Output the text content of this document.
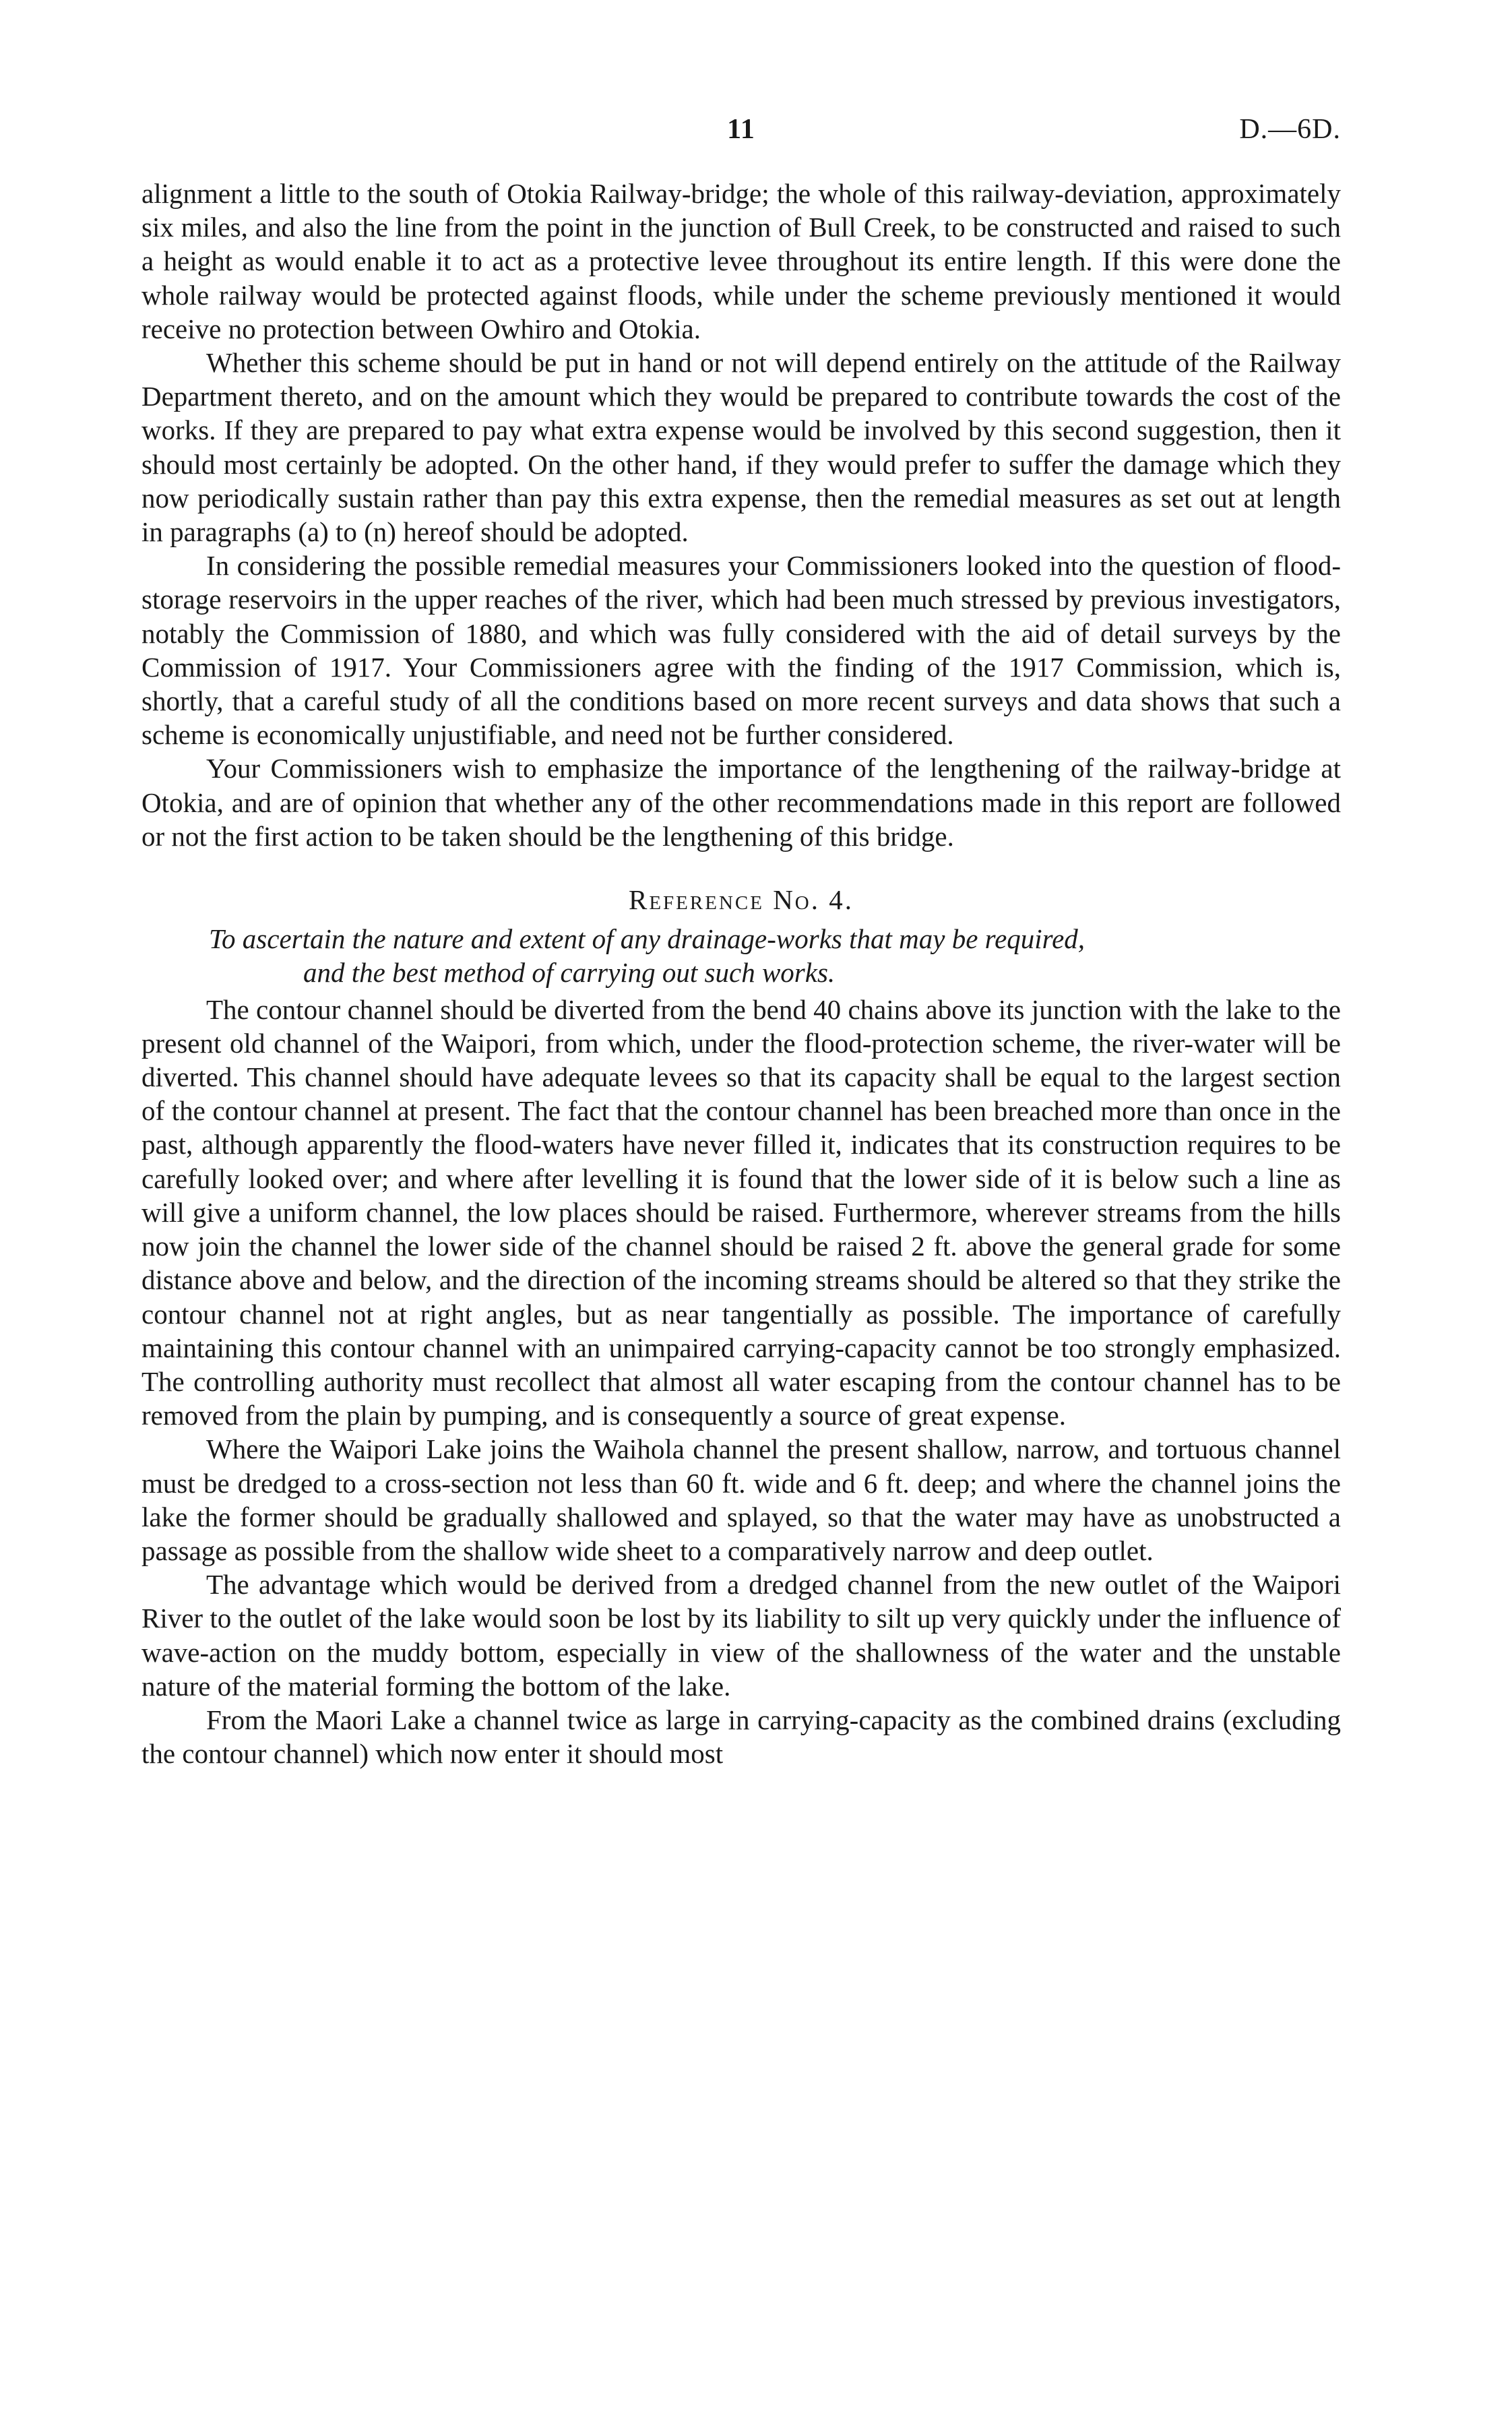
11	D.—6D.

alignment a little to the south of Otokia Railway-bridge; the whole of this railway-deviation, approximately six miles, and also the line from the point in the junction of Bull Creek, to be constructed and raised to such a height as would enable it to act as a protective levee throughout its entire length. If this were done the whole railway would be protected against floods, while under the scheme previously mentioned it would receive no protection between Owhiro and Otokia.

Whether this scheme should be put in hand or not will depend entirely on the attitude of the Railway Department thereto, and on the amount which they would be prepared to contribute towards the cost of the works. If they are prepared to pay what extra expense would be involved by this second suggestion, then it should most certainly be adopted. On the other hand, if they would prefer to suffer the damage which they now periodically sustain rather than pay this extra expense, then the remedial measures as set out at length in paragraphs (a) to (n) hereof should be adopted.

In considering the possible remedial measures your Commissioners looked into the question of flood-storage reservoirs in the upper reaches of the river, which had been much stressed by previous investigators, notably the Commission of 1880, and which was fully considered with the aid of detail surveys by the Commission of 1917. Your Commissioners agree with the finding of the 1917 Commission, which is, shortly, that a careful study of all the conditions based on more recent surveys and data shows that such a scheme is economically unjustifiable, and need not be further considered.

Your Commissioners wish to emphasize the importance of the lengthening of the railway-bridge at Otokia, and are of opinion that whether any of the other recommendations made in this report are followed or not the first action to be taken should be the lengthening of this bridge.

Reference No. 4.

To ascertain the nature and extent of any drainage-works that may be required,
and the best method of carrying out such works.

The contour channel should be diverted from the bend 40 chains above its junction with the lake to the present old channel of the Waipori, from which, under the flood-protection scheme, the river-water will be diverted. This channel should have adequate levees so that its capacity shall be equal to the largest section of the contour channel at present. The fact that the contour channel has been breached more than once in the past, although apparently the flood-waters have never filled it, indicates that its construction requires to be carefully looked over; and where after levelling it is found that the lower side of it is below such a line as will give a uniform channel, the low places should be raised. Furthermore, wherever streams from the hills now join the channel the lower side of the channel should be raised 2 ft. above the general grade for some distance above and below, and the direction of the incoming streams should be altered so that they strike the contour channel not at right angles, but as near tangentially as possible. The importance of carefully maintaining this contour channel with an unimpaired carrying-capacity cannot be too strongly emphasized. The controlling authority must recollect that almost all water escaping from the contour channel has to be removed from the plain by pumping, and is consequently a source of great expense.

Where the Waipori Lake joins the Waihola channel the present shallow, narrow, and tortuous channel must be dredged to a cross-section not less than 60 ft. wide and 6 ft. deep; and where the channel joins the lake the former should be gradually shallowed and splayed, so that the water may have as unobstructed a passage as possible from the shallow wide sheet to a comparatively narrow and deep outlet.

The advantage which would be derived from a dredged channel from the new outlet of the Waipori River to the outlet of the lake would soon be lost by its liability to silt up very quickly under the influence of wave-action on the muddy bottom, especially in view of the shallowness of the water and the unstable nature of the material forming the bottom of the lake.

From the Maori Lake a channel twice as large in carrying-capacity as the combined drains (excluding the contour channel) which now enter it should most
